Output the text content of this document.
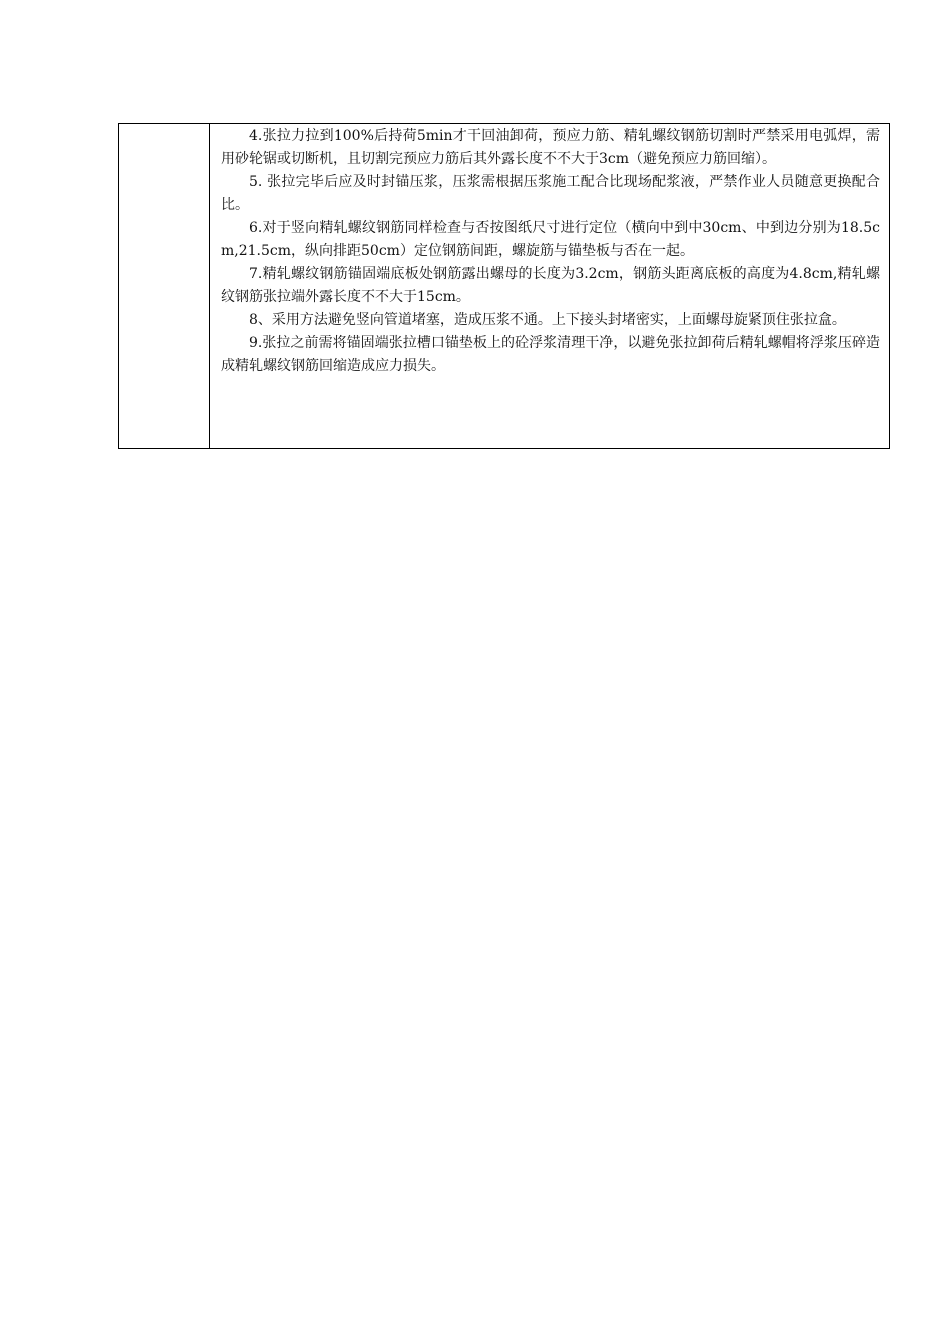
4.张拉力拉到100%后持荷5min才干回油卸荷，预应力筋、精轧螺纹钢筋切割时严禁采用电弧焊，需用砂轮锯或切断机，且切割完预应力筋后其外露长度不不大于3cm（避免预应力筋回缩）。

5. 张拉完毕后应及时封锚压浆，压浆需根据压浆施工配合比现场配浆液，严禁作业人员随意更换配合比。

6.对于竖向精轧螺纹钢筋同样检查与否按图纸尺寸进行定位（横向中到中30cm、中到边分别为18.5cm,21.5cm，纵向排距50cm）定位钢筋间距，螺旋筋与锚垫板与否在一起。

7.精轧螺纹钢筋锚固端底板处钢筋露出螺母的长度为3.2cm，钢筋头距离底板的高度为4.8cm,精轧螺纹钢筋张拉端外露长度不不大于15cm。

8、采用方法避免竖向管道堵塞，造成压浆不通。上下接头封堵密实，上面螺母旋紧顶住张拉盒。

9.张拉之前需将锚固端张拉槽口锚垫板上的砼浮浆清理干净，以避免张拉卸荷后精轧螺帽将浮浆压碎造成精轧螺纹钢筋回缩造成应力损失。
